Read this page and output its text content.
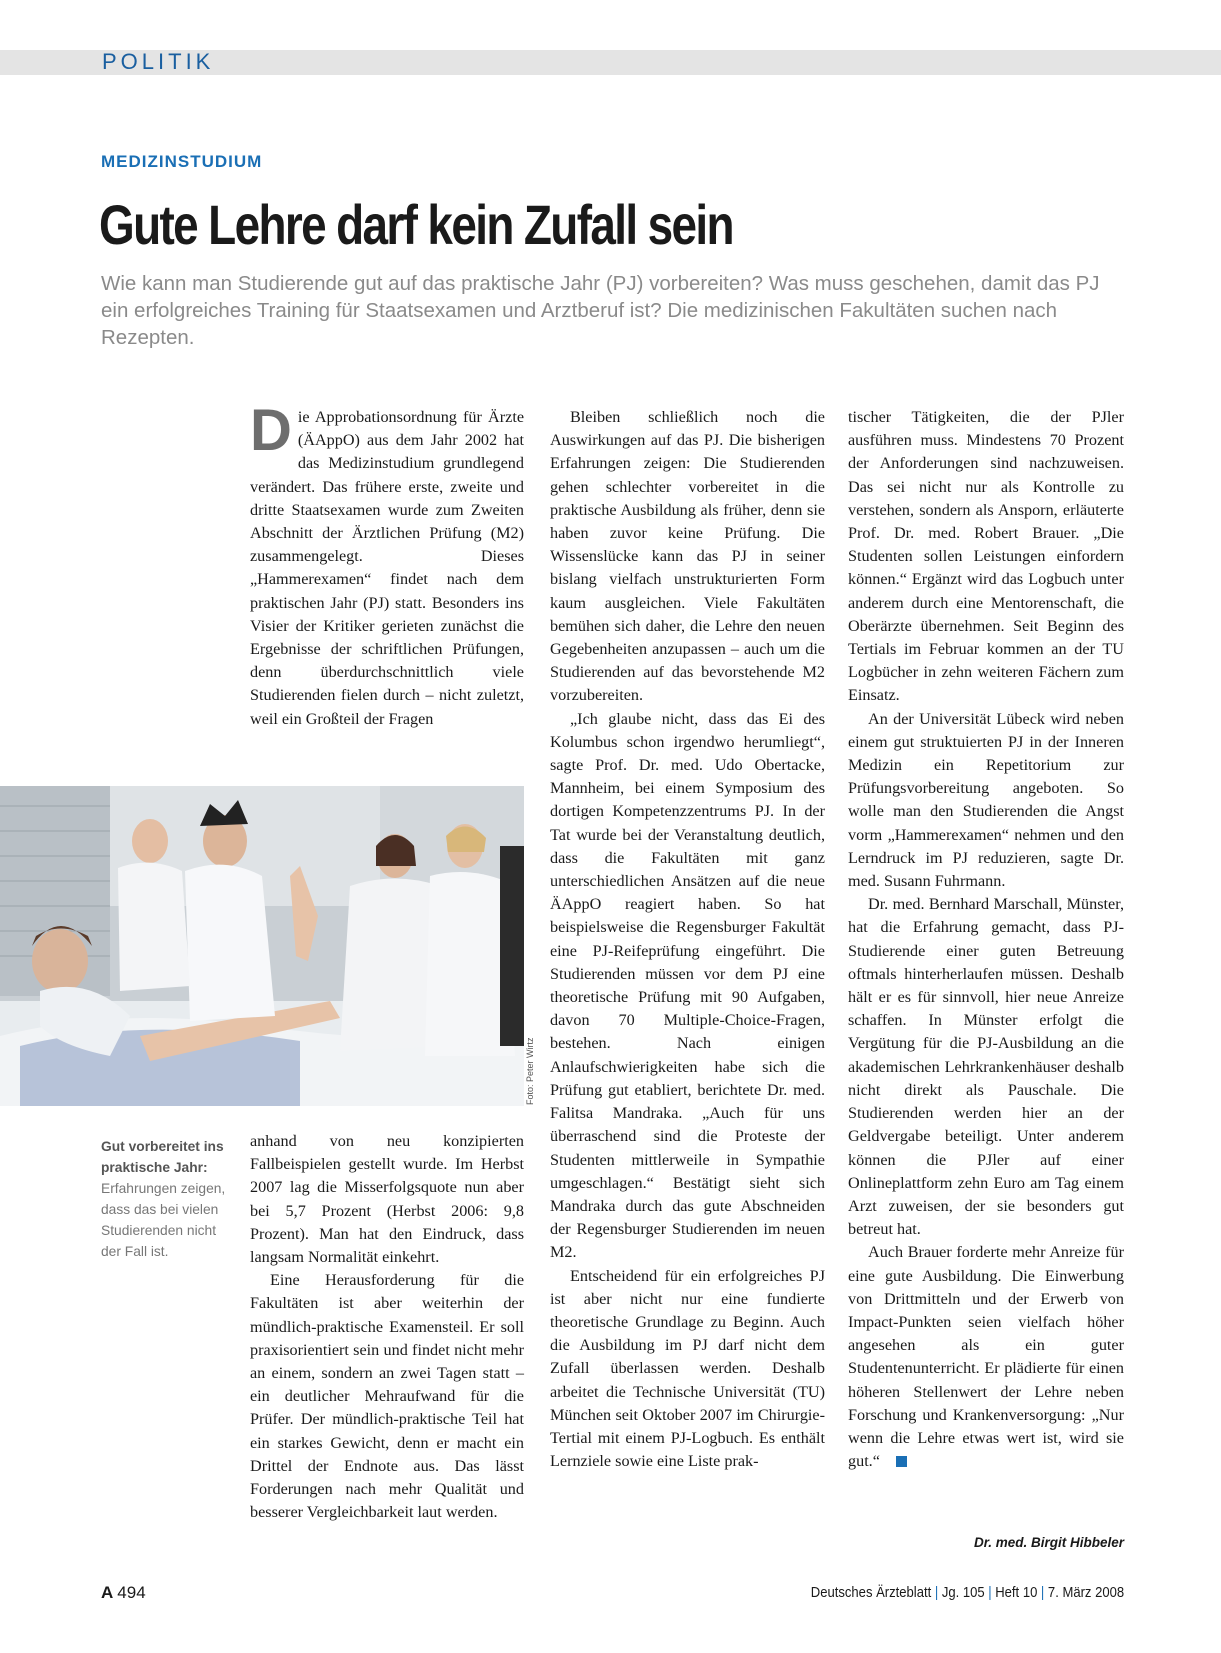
POLITIK
MEDIZINSTUDIUM
Gute Lehre darf kein Zufall sein

Wie kann man Studierende gut auf das praktische Jahr (PJ) vorbereiten? Was muss geschehen, damit das PJ ein erfolgreiches Training für Staatsexamen und Arztberuf ist? Die medizinischen Fakultäten suchen nach Rezepten.

Die Approbationsordnung für Ärzte (ÄAppO) aus dem Jahr 2002 hat das Medizinstudium grundlegend verändert. Das frühere erste, zweite und dritte Staatsexamen wurde zum Zweiten Abschnitt der Ärztlichen Prüfung (M2) zusammengelegt. Dieses „Hammerexamen“ findet nach dem praktischen Jahr (PJ) statt. Besonders ins Visier der Kritiker gerieten zunächst die Ergebnisse der schriftlichen Prüfungen, denn überdurchschnittlich viele Studierenden fielen durch – nicht zuletzt, weil ein Großteil der Fragen

Foto: Peter Wirtz

Gut vorbereitet ins praktische Jahr: Erfahrungen zeigen, dass das bei vielen Studierenden nicht der Fall ist.

anhand von neu konzipierten Fallbeispielen gestellt wurde. Im Herbst 2007 lag die Misserfolgsquote nun aber bei 5,7 Prozent (Herbst 2006: 9,8 Prozent). Man hat den Eindruck, dass langsam Normalität einkehrt.

Eine Herausforderung für die Fakultäten ist aber weiterhin der mündlich-praktische Examensteil. Er soll praxisorientiert sein und findet nicht mehr an einem, sondern an zwei Tagen statt – ein deutlicher Mehraufwand für die Prüfer. Der mündlich-praktische Teil hat ein starkes Gewicht, denn er macht ein Drittel der Endnote aus. Das lässt Forderungen nach mehr Qualität und besserer Vergleichbarkeit laut werden.

Bleiben schließlich noch die Auswirkungen auf das PJ. Die bisherigen Erfahrungen zeigen: Die Studierenden gehen schlechter vorbereitet in die praktische Ausbildung als früher, denn sie haben zuvor keine Prüfung. Die Wissenslücke kann das PJ in seiner bislang vielfach unstrukturierten Form kaum ausgleichen. Viele Fakultäten bemühen sich daher, die Lehre den neuen Gegebenheiten anzupassen – auch um die Studierenden auf das bevorstehende M2 vorzubereiten.

„Ich glaube nicht, dass das Ei des Kolumbus schon irgendwo herumliegt“, sagte Prof. Dr. med. Udo Obertacke, Mannheim, bei einem Symposium des dortigen Kompetenzzentrums PJ. In der Tat wurde bei der Veranstaltung deutlich, dass die Fakultäten mit ganz unterschiedlichen Ansätzen auf die neue ÄAppO reagiert haben. So hat beispielsweise die Regensburger Fakultät eine PJ-Reifeprüfung eingeführt. Die Studierenden müssen vor dem PJ eine theoretische Prüfung mit 90 Aufgaben, davon 70 Multiple-Choice-Fragen, bestehen. Nach einigen Anlaufschwierigkeiten habe sich die Prüfung gut etabliert, berichtete Dr. med. Falitsa Mandraka. „Auch für uns überraschend sind die Proteste der Studenten mittlerweile in Sympathie umgeschlagen.“ Bestätigt sieht sich Mandraka durch das gute Abschneiden der Regensburger Studierenden im neuen M2.

Entscheidend für ein erfolgreiches PJ ist aber nicht nur eine fundierte theoretische Grundlage zu Beginn. Auch die Ausbildung im PJ darf nicht dem Zufall überlassen werden. Deshalb arbeitet die Technische Universität (TU) München seit Oktober 2007 im Chirurgie-Tertial mit einem PJ-Logbuch. Es enthält Lernziele sowie eine Liste prak-

tischer Tätigkeiten, die der PJler ausführen muss. Mindestens 70 Prozent der Anforderungen sind nachzuweisen. Das sei nicht nur als Kontrolle zu verstehen, sondern als Ansporn, erläuterte Prof. Dr. med. Robert Brauer. „Die Studenten sollen Leistungen einfordern können.“ Ergänzt wird das Logbuch unter anderem durch eine Mentorenschaft, die Oberärzte übernehmen. Seit Beginn des Tertials im Februar kommen an der TU Logbücher in zehn weiteren Fächern zum Einsatz.

An der Universität Lübeck wird neben einem gut struktuierten PJ in der Inneren Medizin ein Repetitorium zur Prüfungsvorbereitung angeboten. So wolle man den Studierenden die Angst vorm „Hammerexamen“ nehmen und den Lerndruck im PJ reduzieren, sagte Dr. med. Susann Fuhrmann.

Dr. med. Bernhard Marschall, Münster, hat die Erfahrung gemacht, dass PJ-Studierende einer guten Betreuung oftmals hinterherlaufen müssen. Deshalb hält er es für sinnvoll, hier neue Anreize schaffen. In Münster erfolgt die Vergütung für die PJ-Ausbildung an die akademischen Lehrkrankenhäuser deshalb nicht direkt als Pauschale. Die Studierenden werden hier an der Geldvergabe beteiligt. Unter anderem können die PJler auf einer Onlineplattform zehn Euro am Tag einem Arzt zuweisen, der sie besonders gut betreut hat.

Auch Brauer forderte mehr Anreize für eine gute Ausbildung. Die Einwerbung von Drittmitteln und der Erwerb von Impact-Punkten seien vielfach höher angesehen als ein guter Studentenunterricht. Er plädierte für einen höheren Stellenwert der Lehre neben Forschung und Krankenversorgung: „Nur wenn die Lehre etwas wert ist, wird sie gut.“

Dr. med. Birgit Hibbeler
A 494	Deutsches Ärzteblatt | Jg. 105 | Heft 10 | 7. März 2008
